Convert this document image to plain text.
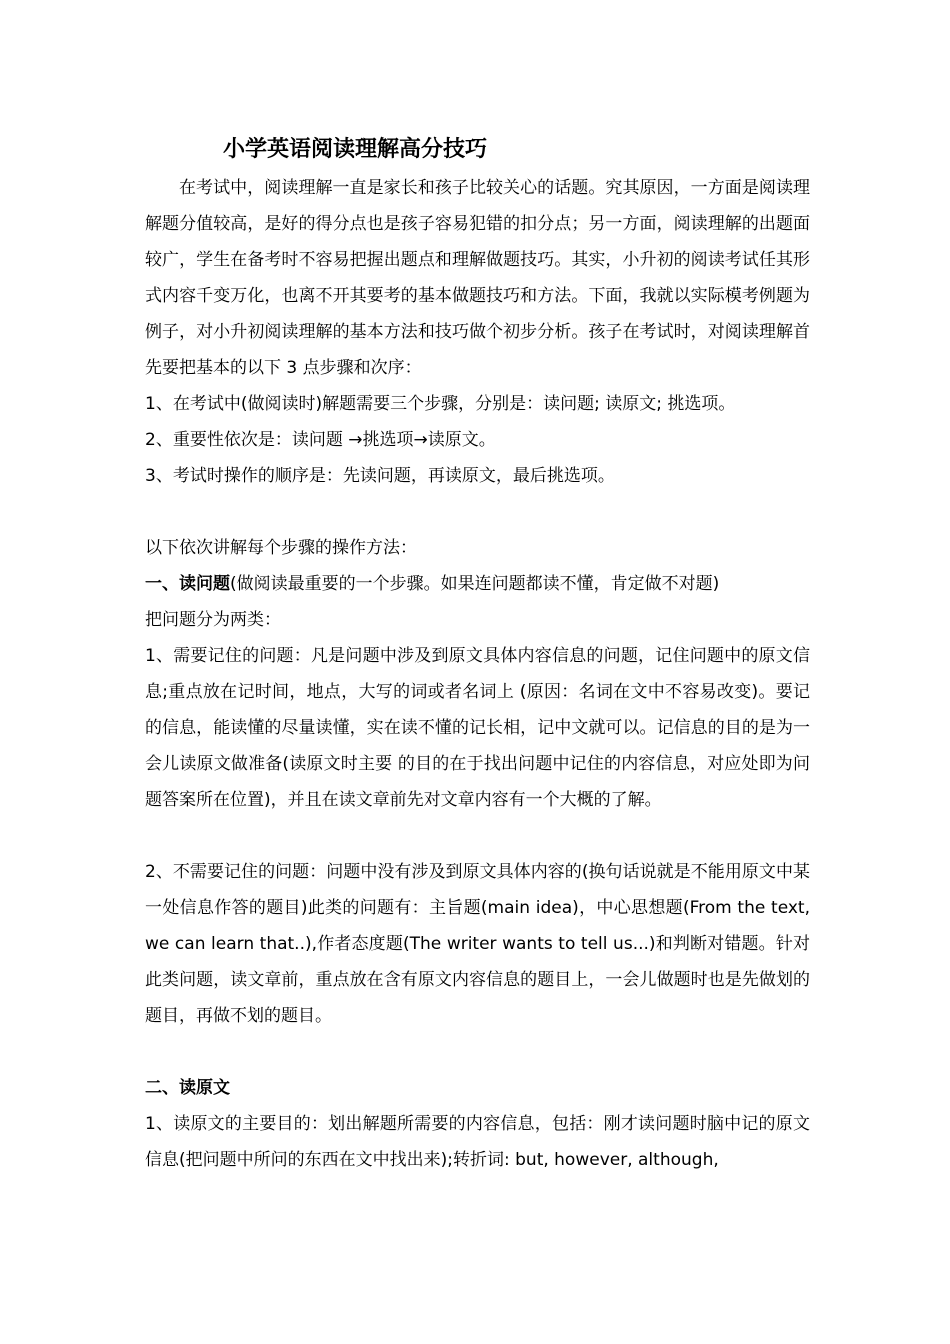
小学英语阅读理解高分技巧

在考试中，阅读理解一直是家长和孩子比较关心的话题。究其原因，一方面是阅读理解题分值较高，是好的得分点也是孩子容易犯错的扣分点；另一方面，阅读理解的出题面较广，学生在备考时不容易把握出题点和理解做题技巧。其实，小升初的阅读考试任其形式内容千变万化，也离不开其要考的基本做题技巧和方法。下面，我就以实际模考例题为例子，对小升初阅读理解的基本方法和技巧做个初步分析。孩子在考试时，对阅读理解首先要把基本的以下 3 点步骤和次序：

1、在考试中(做阅读时)解题需要三个步骤，分别是：读问题; 读原文; 挑选项。

2、重要性依次是：读问题 →挑选项→读原文。

3、考试时操作的顺序是：先读问题，再读原文，最后挑选项。

以下依次讲解每个步骤的操作方法：

一、读问题(做阅读最重要的一个步骤。如果连问题都读不懂，肯定做不对题)

把问题分为两类：

1、需要记住的问题：凡是问题中涉及到原文具体内容信息的问题，记住问题中的原文信息;重点放在记时间，地点，大写的词或者名词上 (原因：名词在文中不容易改变)。要记的信息，能读懂的尽量读懂，实在读不懂的记长相，记中文就可以。记信息的目的是为一会儿读原文做准备(读原文时主要 的目的在于找出问题中记住的内容信息，对应处即为问题答案所在位置)，并且在读文章前先对文章内容有一个大概的了解。

2、不需要记住的问题：问题中没有涉及到原文具体内容的(换句话说就是不能用原文中某一处信息作答的题目)此类的问题有：主旨题(main idea)，中心思想题(From the text, we can learn that..),作者态度题(The writer wants to tell us...)和判断对错题。针对此类问题，读文章前，重点放在含有原文内容信息的题目上，一会儿做题时也是先做划的题目，再做不划的题目。

二、读原文

1、读原文的主要目的：划出解题所需要的内容信息，包括：刚才读问题时脑中记的原文信息(把问题中所问的东西在文中找出来);转折词: but, however, although,
